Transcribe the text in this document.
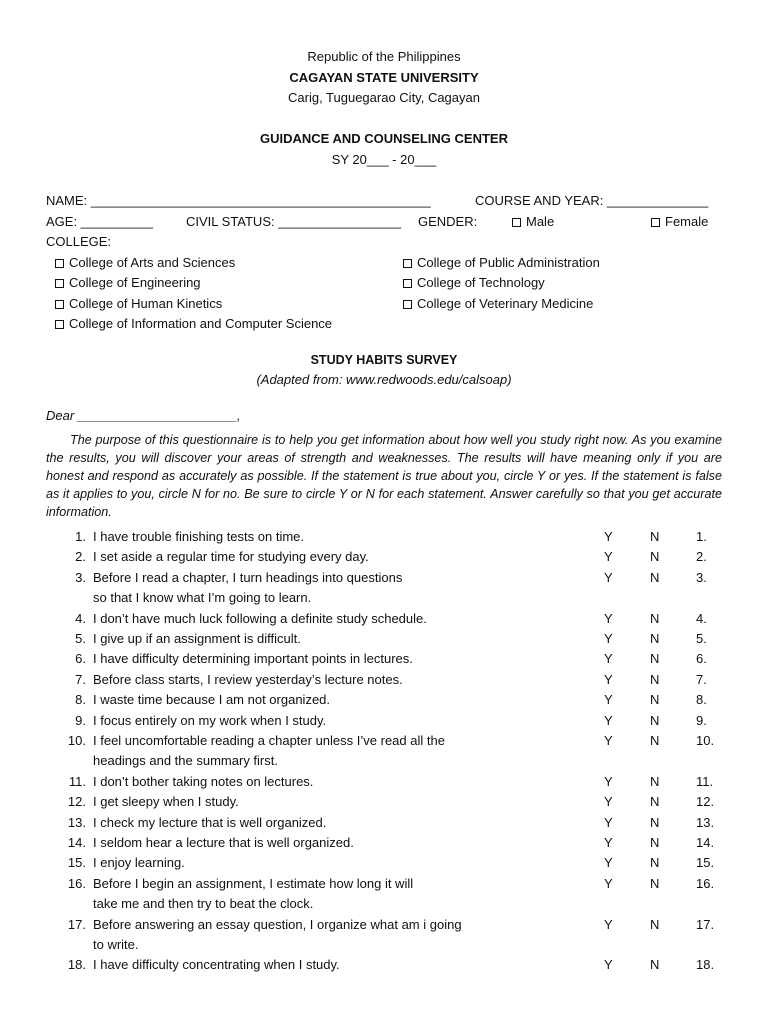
Republic of the Philippines
CAGAYAN STATE UNIVERSITY
Carig, Tuguegarao City, Cagayan
GUIDANCE AND COUNSELING CENTER
SY 20___ - 20___
NAME: _______________________________________________	COURSE AND YEAR: ______________
AGE: __________	CIVIL STATUS: _________________ GENDER:	Male	Female
COLLEGE:
College of Arts and Sciences
College of Engineering
College of Human Kinetics
College of Information and Computer Science
College of Public Administration
College of Technology
College of Veterinary Medicine
STUDY HABITS SURVEY
(Adapted from: www.redwoods.edu/calsoap)
Dear ______________________,
The purpose of this questionnaire is to help you get information about how well you study right now. As you examine the results, you will discover your areas of strength and weaknesses. The results will have meaning only if you are honest and respond as accurately as possible. If the statement is true about you, circle Y or yes. If the statement is false as it applies to you, circle N for no. Be sure to circle Y or N for each statement. Answer carefully so that you get accurate information.
1. I have trouble finishing tests on time.	Y	N	1.
2. I set aside a regular time for studying every day.	Y	N	2.
3. Before I read a chapter, I turn headings into questions	Y	N	3.
so that I know what I’m going to learn.
4. I don’t have much luck following a definite study schedule.	Y	N	4.
5. I give up if an assignment is difficult.	Y	N	5.
6. I have difficulty determining important points in lectures.	Y	N	6.
7. Before class starts, I review yesterday’s lecture notes.	Y	N	7.
8. I waste time because I am not organized.	Y	N	8.
9. I focus entirely on my work when I study.	Y	N	9.
10. I feel uncomfortable reading a chapter unless I’ve read all the	Y	N	10.
headings and the summary first.
11. I don’t bother taking notes on lectures.	Y	N	11.
12. I get sleepy when I study.	Y	N	12.
13. I check my lecture that is well organized.	Y	N	13.
14. I seldom hear a lecture that is well organized.	Y	N	14.
15. I enjoy learning.	Y	N	15.
16. Before I begin an assignment, I estimate how long it will	Y	N	16.
take me and then try to beat the clock.
17. Before answering an essay question, I organize what am i going	Y	N	17.
to write.
18. I have difficulty concentrating when I study.	Y	N	18.
